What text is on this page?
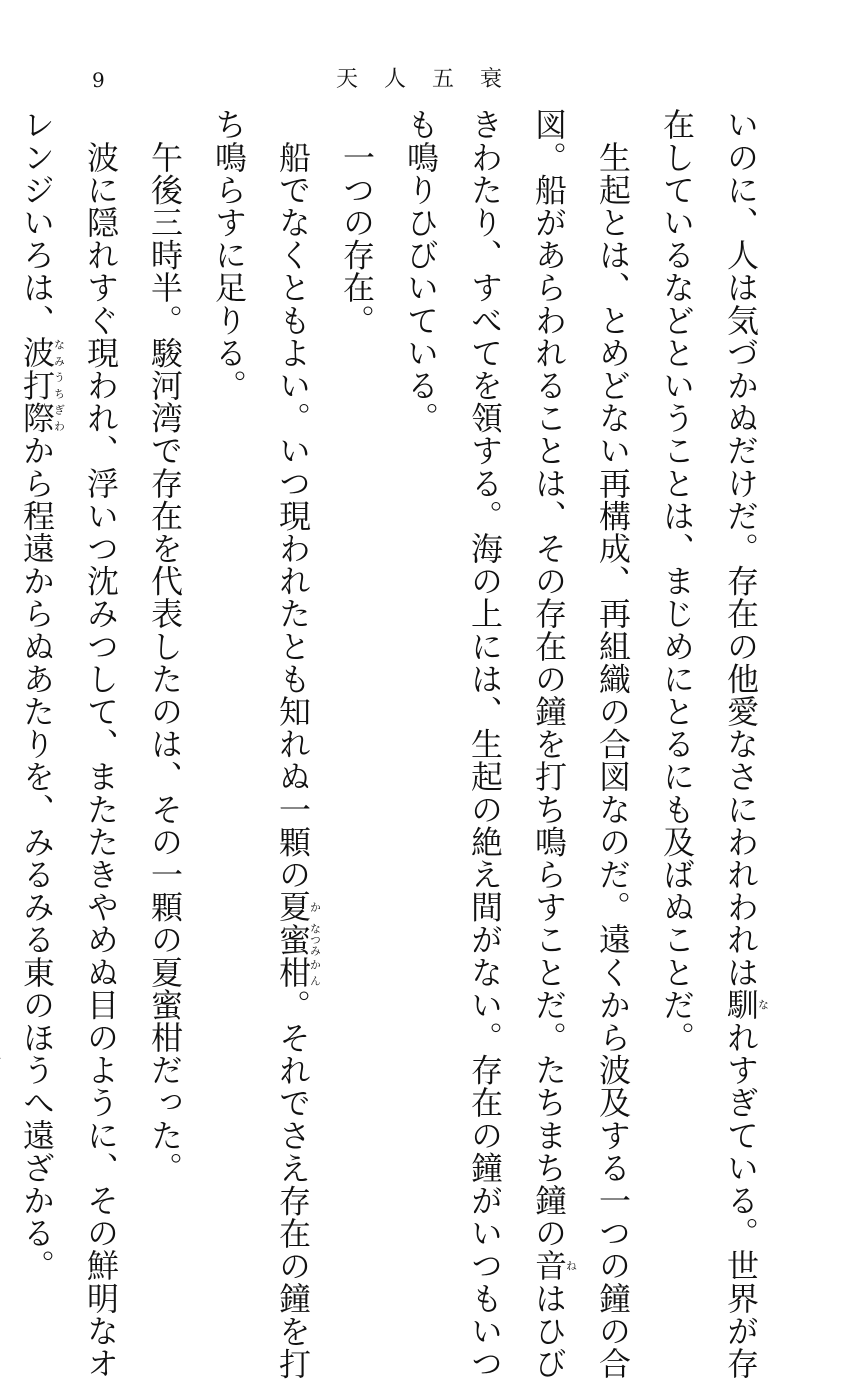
9	天人五衰
いのに、人は気づかぬだけだ。存在の他愛なさにわれわれは馴なれすぎている。世界が存
在しているなどということは、まじめにとるにも及ばぬことだ。
　生起とは、とめどない再構成、再組織の合図なのだ。遠くから波及する一つの鐘の合
図。船があらわれることは、その存在の鐘を打ち鳴らすことだ。たちまち鐘の音ねはひび
きわたり、すべてを領する。海の上には、生起の絶え間がない。存在の鐘がいつもいつ
も鳴りひびいている。
　一つの存在。
　船でなくともよい。いつ現われたとも知れぬ一顆の夏か蜜なつみ柑かん。それでさえ存在の鐘を打
ち鳴らすに足りる。
　午後三時半。駿河湾で存在を代表したのは、その一顆の夏蜜柑だった。
　波に隠れすぐ現われ、浮いつ沈みつして、またたきやめぬ目のように、その鮮明なオ
レンジいろは、波打際なみうちぎわから程遠からぬあたりを、みるみる東のほうへ遠ざかる。
